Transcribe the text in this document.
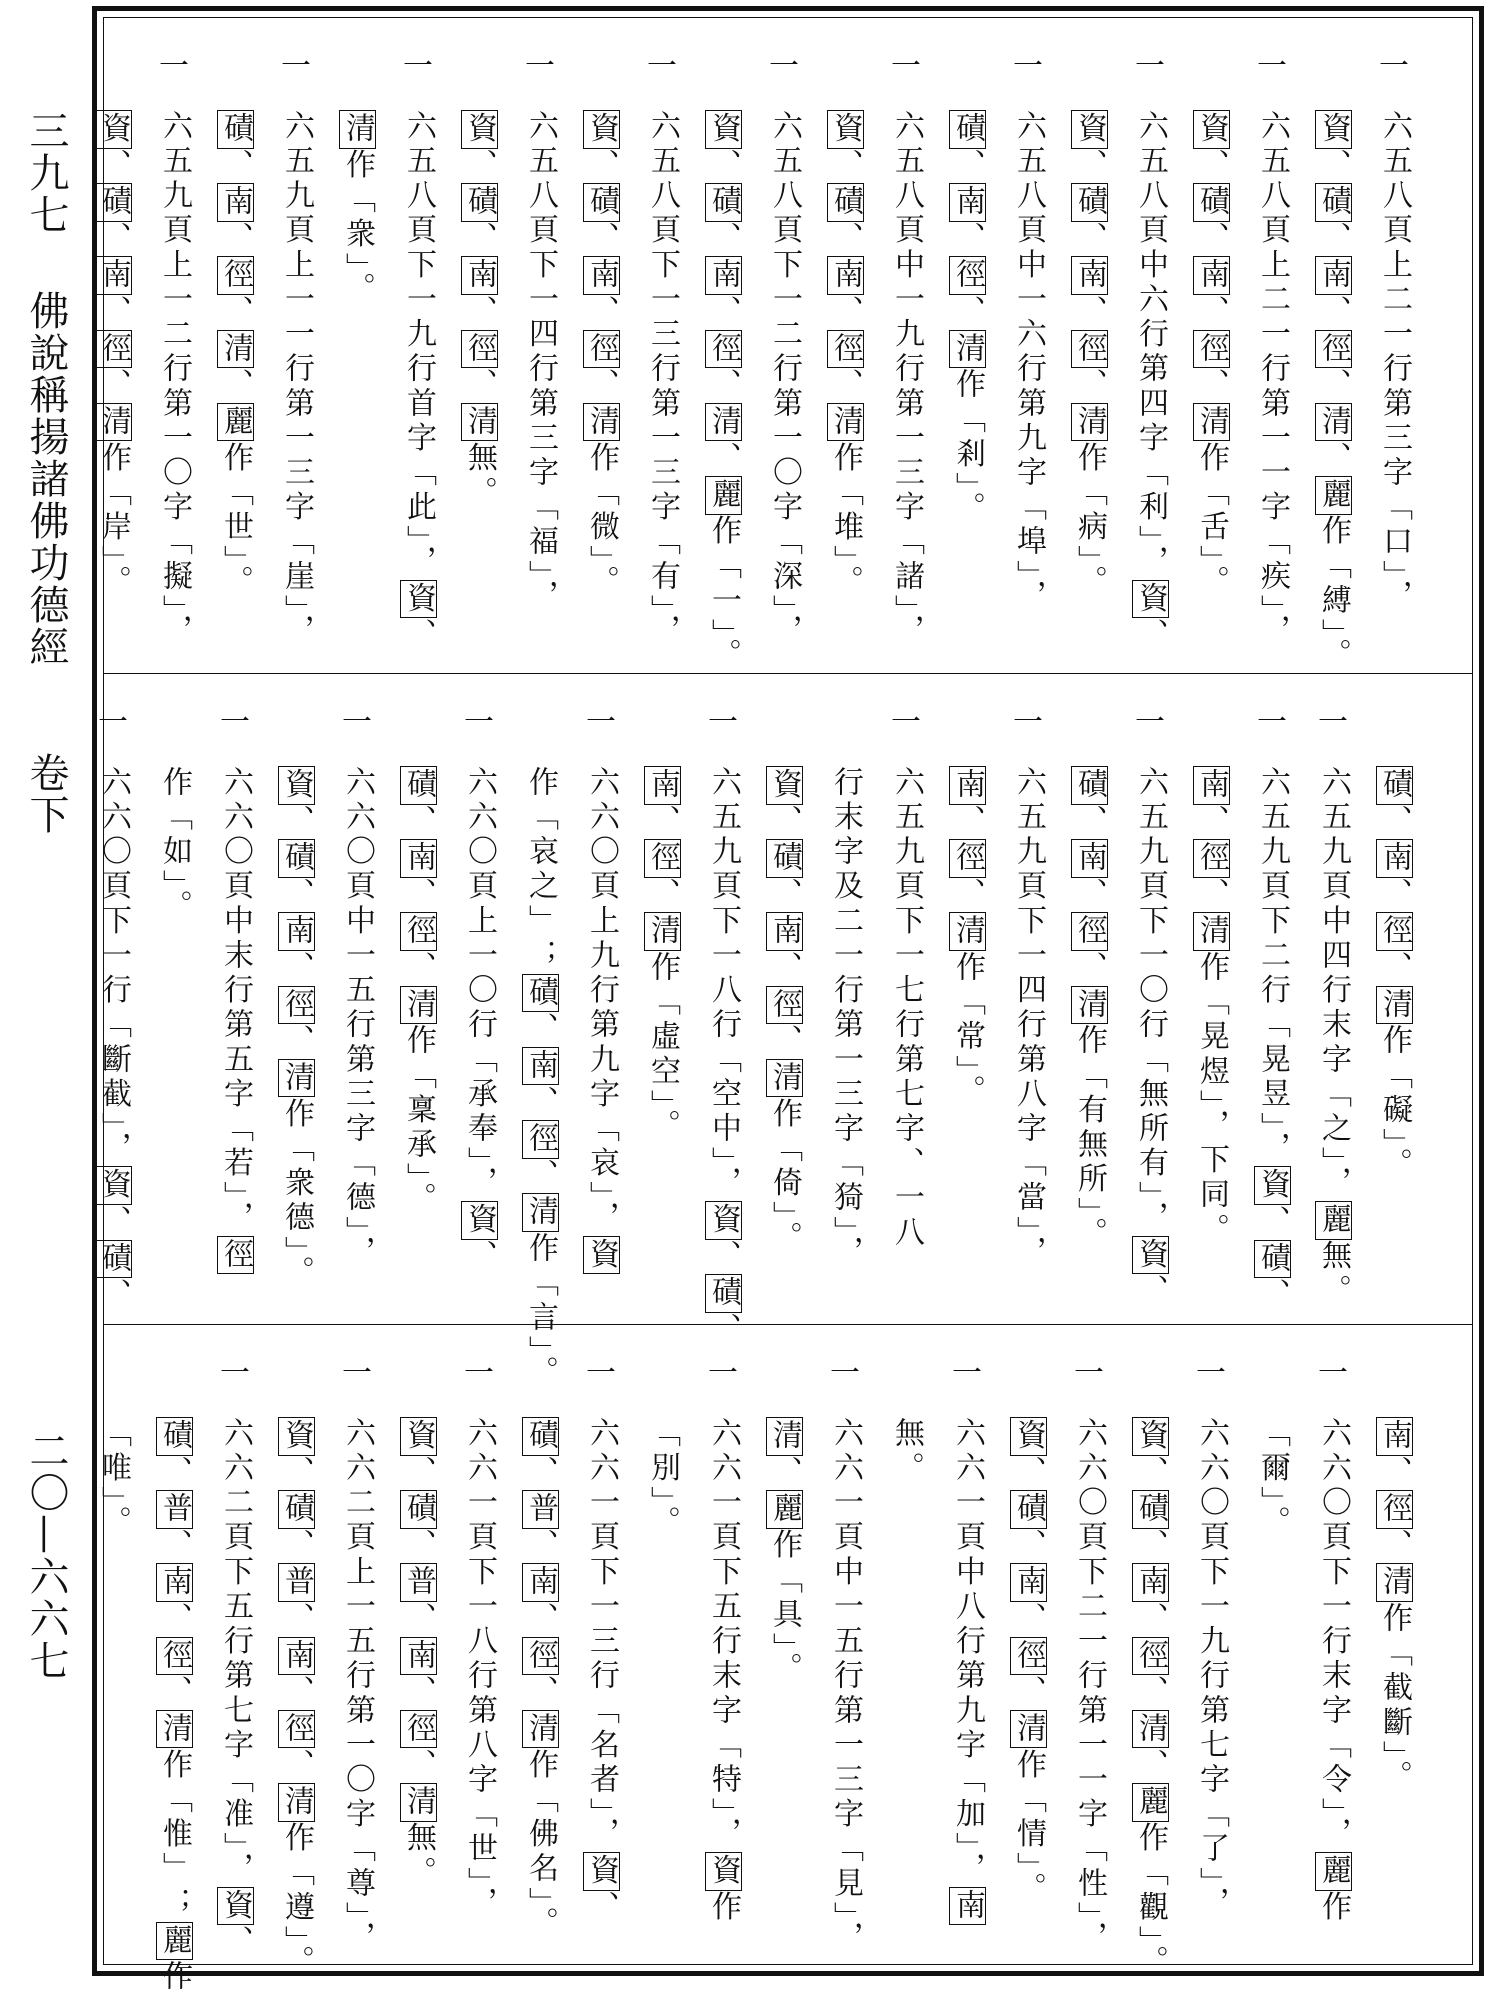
三九七
佛說稱揚諸佛功德經
卷下
二〇—六六七
一
六五八頁上二一行第三字「口」，
資、磧、南、徑、清、麗作「縛」。
一
六五八頁上二一行第一一字「疾」，
資、磧、南、徑、清作「舌」。
一
六五八頁中六行第四字「利」，資、
資、磧、南、徑、清作「病」。
一
六五八頁中一六行第九字「埠」，
磧、南、徑、清作「剎」。
一
六五八頁中一九行第一三字「諸」，
資、磧、南、徑、清作「堆」。
一
六五八頁下一二行第一〇字「深」，
資、磧、南、徑、清、麗作「一」。
一
六五八頁下一三行第一三字「有」，
資、磧、南、徑、清作「微」。
一
六五八頁下一四行第三字「福」，
資、磧、南、徑、清無。
一
六五八頁下一九行首字「此」，資、
清作「衆」。
一
六五九頁上一一行第一三字「崖」，
磧、南、徑、清、麗作「世」。
一
六五九頁上一二行第一〇字「擬」，
資、磧、南、徑、清作「岸」。
磧、南、徑、清作「礙」。
一
六五九頁中四行末字「之」，麗無。
一
六五九頁下二行「晃昱」，資、磧、
南、徑、清作「晃煜」，下同。
一
六五九頁下一〇行「無所有」，資、
磧、南、徑、清作「有無所」。
一
六五九頁下一四行第八字「當」，
南、徑、清作「常」。
一
六五九頁下一七行第七字、一八
行末字及二一行第一三字「猗」，
資、磧、南、徑、清作「倚」。
一
六五九頁下一八行「空中」，資、磧、
南、徑、清作「虛空」。
一
六六〇頁上九行第九字「哀」，資
作「哀之」；磧、南、徑、清作「言」。
一
六六〇頁上一〇行「承奉」，資、
磧、南、徑、清作「稟承」。
一
六六〇頁中一五行第三字「德」，
資、磧、南、徑、清作「衆德」。
一
六六〇頁中末行第五字「若」，徑
作「如」。
一
六六〇頁下一行「斷截」，資、磧、
南、徑、清作「截斷」。
一
六六〇頁下一行末字「令」，麗作
「爾」。
一
六六〇頁下一九行第七字「了」，
資、磧、南、徑、清、麗作「觀」。
一
六六〇頁下二一行第一一字「性」，
資、磧、南、徑、清作「情」。
一
六六一頁中八行第九字「加」，南
無。
一
六六一頁中一五行第一三字「見」，
清、麗作「具」。
一
六六一頁下五行末字「特」，資作
「別」。
一
六六一頁下一三行「名者」，資、
磧、普、南、徑、清作「佛名」。
一
六六一頁下一八行第八字「世」，
資、磧、普、南、徑、清無。
一
六六二頁上一五行第一〇字「尊」，
資、磧、普、南、徑、清作「遵」。
一
六六二頁下五行第七字「准」，資、
磧、普、南、徑、清作「惟」；麗作
「唯」。
